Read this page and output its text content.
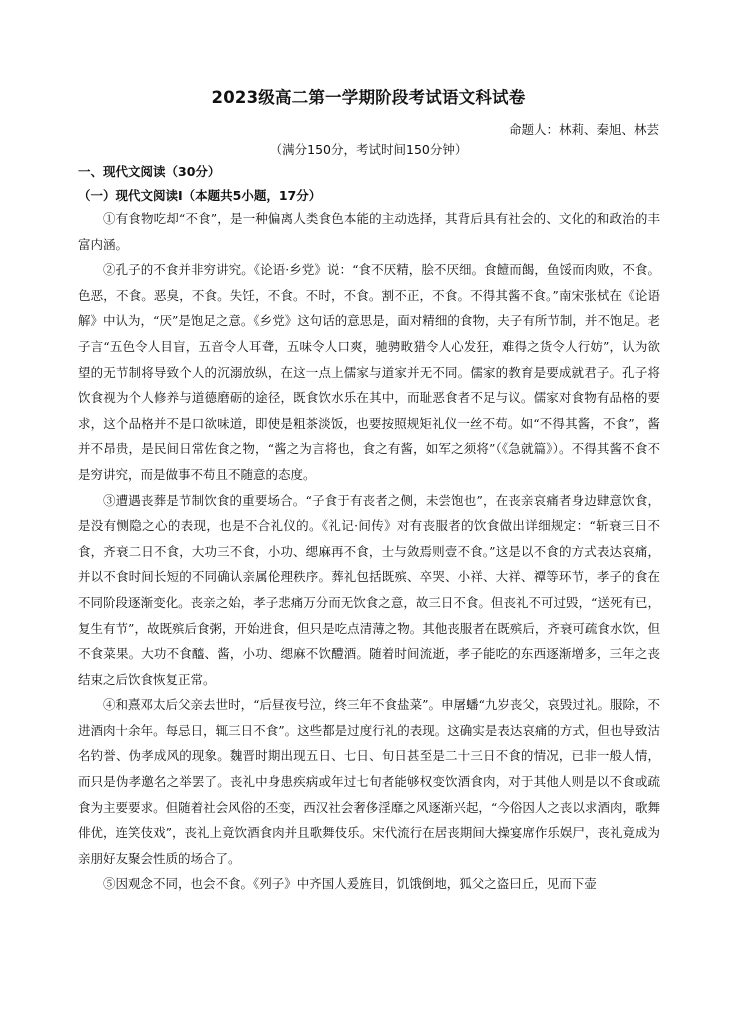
2023级高二第一学期阶段考试语文科试卷
命题人：林莉、秦旭、林芸
（满分150分，考试时间150分钟）
一、现代文阅读（30分）
（一）现代文阅读Ⅰ（本题共5小题，17分）

①有食物吃却“不食”，是一种偏离人类食色本能的主动选择，其背后具有社会的、文化的和政治的丰富内涵。

②孔子的不食并非穷讲究。《论语·乡党》说：“食不厌精，脍不厌细。食饐而餲，鱼馁而肉败，不食。色恶，不食。恶臭，不食。失饪，不食。不时，不食。割不正，不食。不得其酱不食。”南宋张栻在《论语解》中认为，“厌”是饱足之意。《乡党》这句话的意思是，面对精细的食物，夫子有所节制，并不饱足。老子言“五色令人目盲，五音令人耳聋，五味令人口爽，驰骋畋猎令人心发狂，难得之货令人行妨”，认为欲望的无节制将导致个人的沉溺放纵，在这一点上儒家与道家并无不同。儒家的教育是要成就君子。孔子将饮食视为个人修养与道德磨砺的途径，既食饮水乐在其中，而耻恶食者不足与议。儒家对食物有品格的要求，这个品格并不是口欲味道，即使是粗茶淡饭，也要按照规矩礼仪一丝不苟。如“不得其酱，不食”，酱并不昂贵，是民间日常佐食之物，“酱之为言将也，食之有酱，如军之须将”（《急就篇》）。不得其酱不食不是穷讲究，而是做事不苟且不随意的态度。

③遭遇丧葬是节制饮食的重要场合。“子食于有丧者之侧，未尝饱也”，在丧亲哀痛者身边肆意饮食，是没有恻隐之心的表现，也是不合礼仪的。《礼记·间传》对有丧服者的饮食做出详细规定：“斩衰三日不食，齐衰二日不食，大功三不食，小功、缌麻再不食，士与敛焉则壹不食。”这是以不食的方式表达哀痛，并以不食时间长短的不同确认亲属伦理秩序。葬礼包括既殡、卒哭、小祥、大祥、禫等环节，孝子的食在不同阶段逐渐变化。丧亲之始，孝子悲痛万分而无饮食之意，故三日不食。但丧礼不可过毁，“送死有已，复生有节”，故既殡后食粥，开始进食，但只是吃点清薄之物。其他丧服者在既殡后，齐衰可疏食水饮，但不食菜果。大功不食醯、酱，小功、缌麻不饮醴酒。随着时间流逝，孝子能吃的东西逐渐增多，三年之丧结束之后饮食恢复正常。

④和熹邓太后父亲去世时，“后昼夜号泣，终三年不食盐菜”。申屠蟠“九岁丧父，哀毁过礼。服除，不进酒肉十余年。每忌日，辄三日不食”。这些都是过度行礼的表现。这确实是表达哀痛的方式，但也导致沽名钓誉、伪孝成风的现象。魏晋时期出现五日、七日、旬日甚至是二十三日不食的情况，已非一般人情，而只是伪孝邀名之举罢了。丧礼中身患疾病或年过七旬者能够权变饮酒食肉，对于其他人则是以不食或疏食为主要要求。但随着社会风俗的丕变，西汉社会奢侈淫靡之风逐渐兴起，“今俗因人之丧以求酒肉，歌舞俳优，连笑伎戏”，丧礼上竟饮酒食肉并且歌舞伎乐。宋代流行在居丧期间大操宴席作乐娱尸，丧礼竟成为亲朋好友聚会性质的场合了。

⑤因观念不同，也会不食。《列子》中齐国人爰旌目，饥饿倒地，狐父之盗曰丘，见而下壶
